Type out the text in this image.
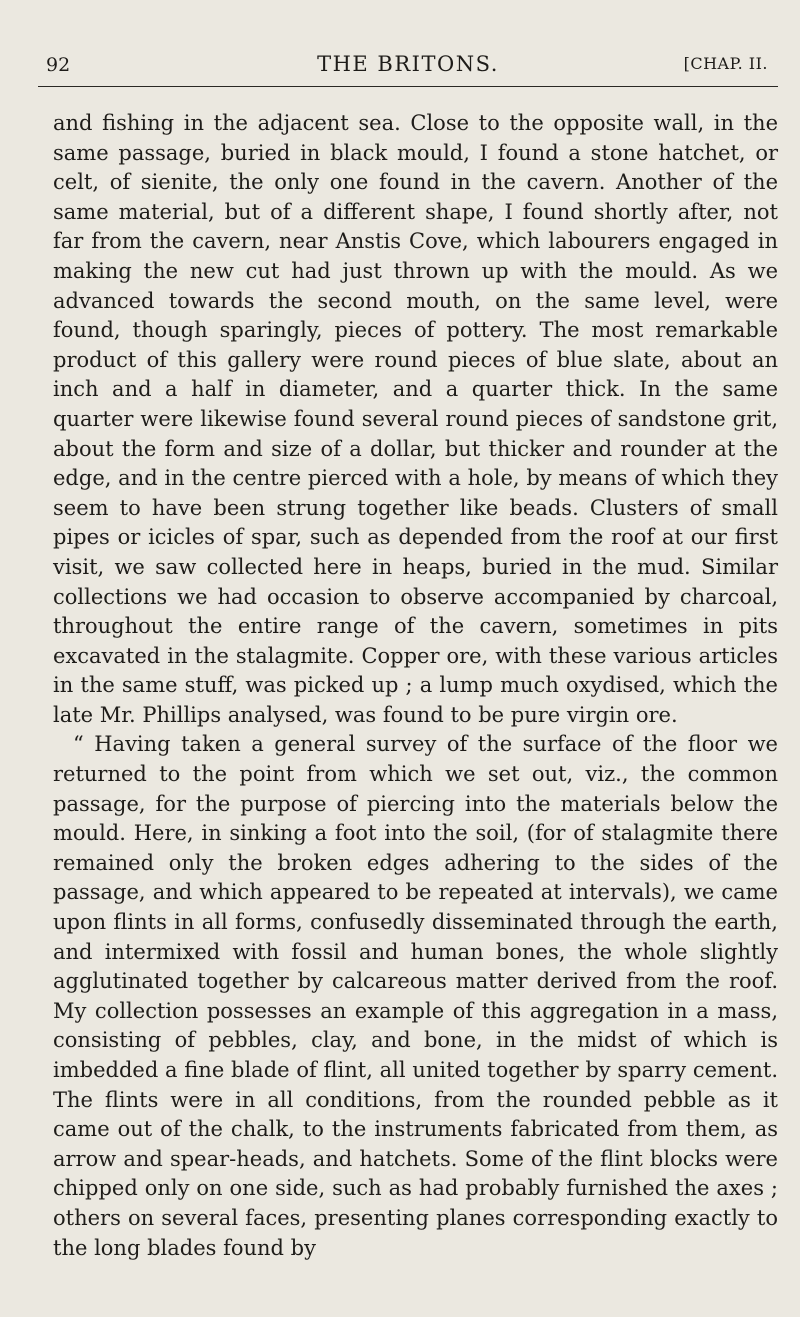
92	THE BRITONS.	[CHAP. II.

and fishing in the adjacent sea. Close to the opposite wall, in the same passage, buried in black mould, I found a stone hatchet, or celt, of sienite, the only one found in the cavern. Another of the same material, but of a different shape, I found shortly after, not far from the cavern, near Anstis Cove, which labourers engaged in making the new cut had just thrown up with the mould. As we advanced towards the second mouth, on the same level, were found, though sparingly, pieces of pottery. The most remarkable product of this gallery were round pieces of blue slate, about an inch and a half in diameter, and a quarter thick. In the same quarter were likewise found several round pieces of sandstone grit, about the form and size of a dollar, but thicker and rounder at the edge, and in the centre pierced with a hole, by means of which they seem to have been strung together like beads. Clusters of small pipes or icicles of spar, such as depended from the roof at our first visit, we saw collected here in heaps, buried in the mud. Similar collections we had occasion to observe accompanied by charcoal, throughout the entire range of the cavern, sometimes in pits excavated in the stalagmite. Copper ore, with these various articles in the same stuff, was picked up ; a lump much oxydised, which the late Mr. Phillips analysed, was found to be pure virgin ore.

“ Having taken a general survey of the surface of the floor we returned to the point from which we set out, viz., the common passage, for the purpose of piercing into the materials below the mould. Here, in sinking a foot into the soil, (for of stalagmite there remained only the broken edges adhering to the sides of the passage, and which appeared to be repeated at intervals), we came upon flints in all forms, confusedly disseminated through the earth, and intermixed with fossil and human bones, the whole slightly agglutinated together by calcareous matter derived from the roof. My collection possesses an example of this aggregation in a mass, consisting of pebbles, clay, and bone, in the midst of which is imbedded a fine blade of flint, all united together by sparry cement. The flints were in all conditions, from the rounded pebble as it came out of the chalk, to the instruments fabricated from them, as arrow and spear-heads, and hatchets. Some of the flint blocks were chipped only on one side, such as had probably furnished the axes ; others on several faces, presenting planes corresponding exactly to the long blades found by
